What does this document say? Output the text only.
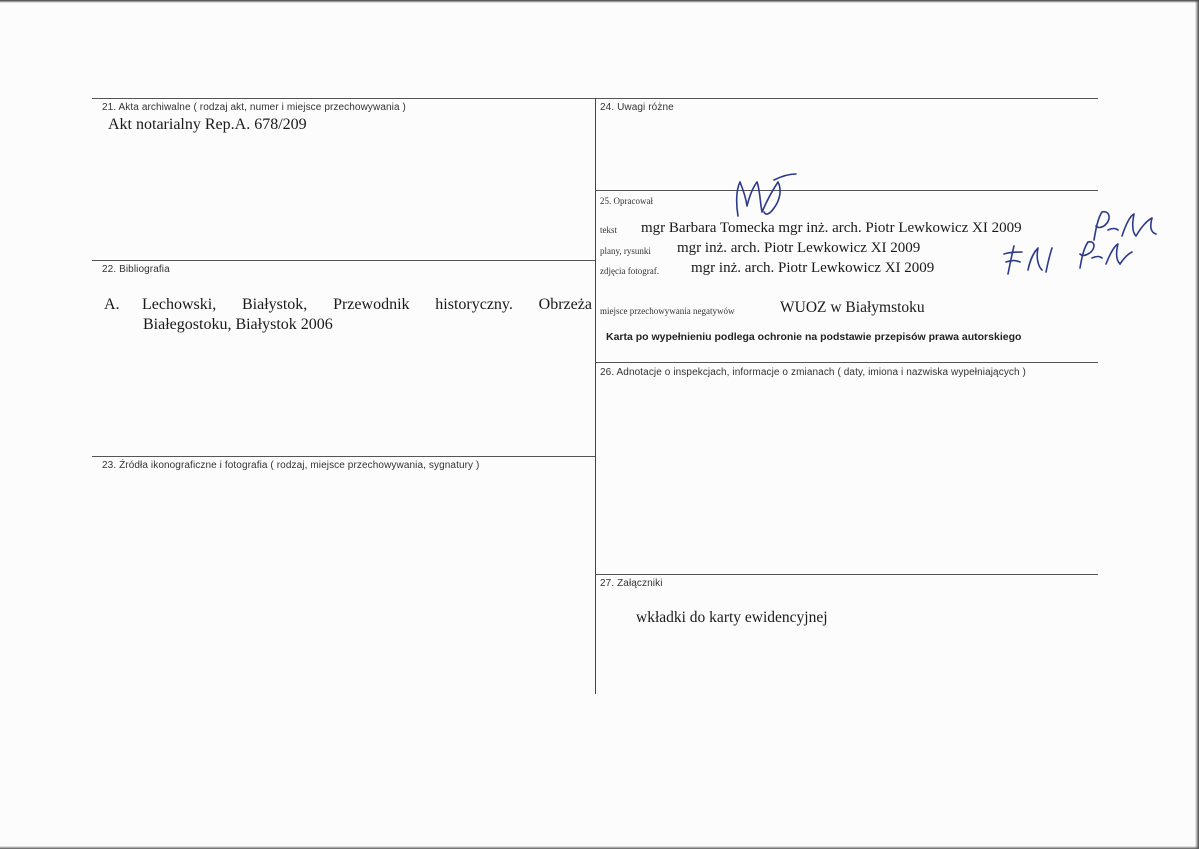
21. Akta archiwalne ( rodzaj akt, numer i miejsce przechowywania )
Akt notarialny Rep.A. 678/209
22. Bibliografia
A. Lechowski, Białystok, Przewodnik historyczny. Obrzeża
Białegostoku, Białystok 2006
23. Źródła ikonograficzne i fotografia ( rodzaj, miejsce przechowywania, sygnatury )
24. Uwagi różne
25. Opracował
tekst mgr Barbara Tomecka mgr inż. arch. Piotr Lewkowicz XI 2009
plany, rysunki mgr inż. arch. Piotr Lewkowicz XI 2009
zdjęcia fotograf. mgr inż. arch. Piotr Lewkowicz XI 2009
miejsce przechowywania negatywów	WUOZ w Białymstoku
Karta po wypełnieniu podlega ochronie na podstawie przepisów prawa autorskiego
26. Adnotacje o inspekcjach, informacje o zmianach ( daty, imiona i nazwiska wypełniających )
27. Załączniki
wkładki do karty ewidencyjnej
